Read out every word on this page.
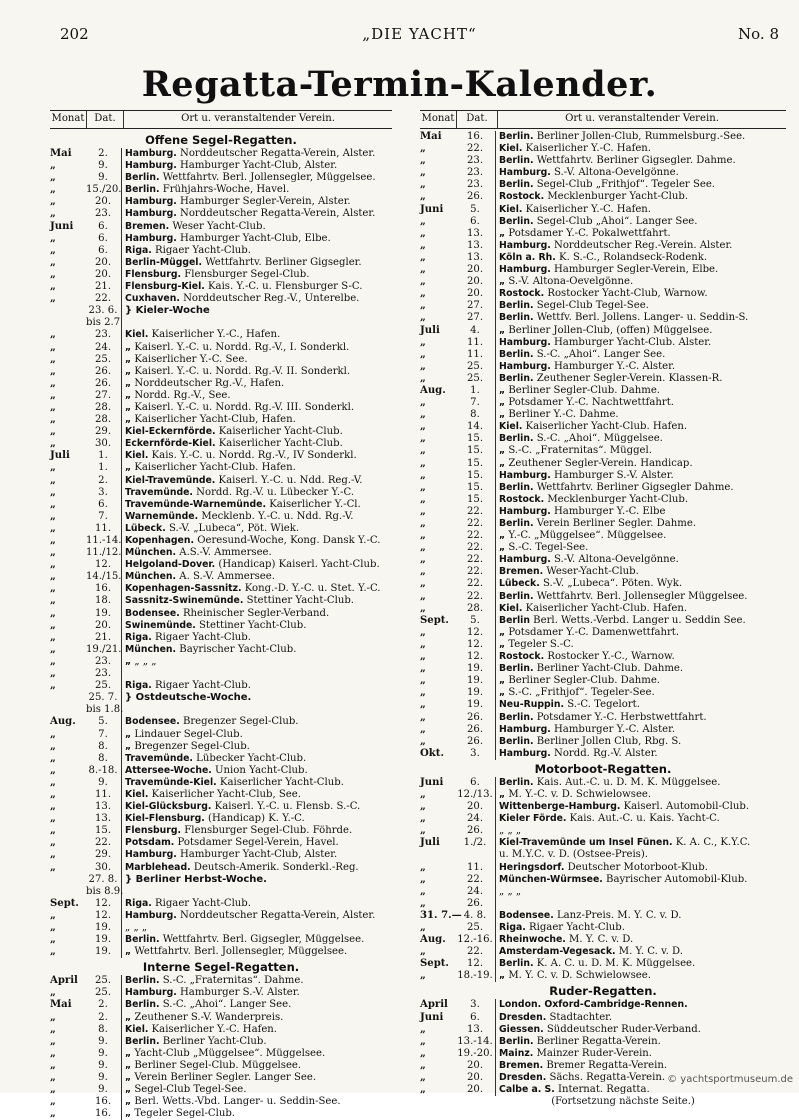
202	„DIE YACHT“	No. 8
Regatta-Termin-Kalender.
Monat Dat.	Ort u. veranstaltender Verein.
Offene Segel-Regatten.
Mai	2.	Hamburg. Norddeutscher Regatta-Verein, Alster.
„	9.	Hamburg. Hamburger Yacht-Club, Alster.
„	9.	Berlin. Wettfahrtv. Berl. Jollensegler, Müggelsee.
„	15./20. Berlin. Frühjahrs-Woche, Havel.
„	20.	Hamburg. Hamburger Segler-Verein, Alster.
„	23.	Hamburg. Norddeutscher Regatta-Verein, Alster.
Juni	6.	Bremen. Weser Yacht-Club.
„	6.	Hamburg. Hamburger Yacht-Club, Elbe.
„	6.	Riga. Rigaer Yacht-Club.
„	20.	Berlin-Müggel. Wettfahrtv. Berliner Gigsegler.
„	20.	Flensburg. Flensburger Segel-Club.
„	21.	Flensburg-Kiel. Kais. Y.-C. u. Flensburger S-C.
„	22.	Cuxhaven. Norddeutscher Reg.-V., Unterelbe.
23. 6. } Kieler-Woche
bis 2.7
„	23.	Kiel. Kaiserlicher Y.-C., Hafen.
„	24.	„ Kaiserl. Y.-C. u. Nordd. Rg.-V., I. Sonderkl.
„	25.	„ Kaiserlicher Y.-C. See.
„	26.	„ Kaiserl. Y.-C. u. Nordd. Rg.-V. II. Sonderkl.
„	26.	„ Norddeutscher Rg.-V., Hafen.
„	27.	„ Nordd. Rg.-V., See.
„	28.	„ Kaiserl. Y.-C. u. Nordd. Rg.-V. III. Sonderkl.
„	28.	„ Kaiserlicher Yacht-Club, Hafen.
„	29.	Kiel-Eckernförde. Kaiserlicher Yacht-Club.
„	30.	Eckernförde-Kiel. Kaiserlicher Yacht-Club.
Juli	1.	Kiel. Kais. Y.-C. u. Nordd. Rg.-V., IV Sonderkl.
„	1.	„ Kaiserlicher Yacht-Club. Hafen.
„	2.	Kiel-Travemünde. Kaiserl. Y.-C. u. Ndd. Reg.-V.
„	3.	Travemünde. Nordd. Rg.-V. u. Lübecker Y.-C.
„	6.	Travemünde-Warnemünde. Kaiserlicher Y.-Cl.
„	7.	Warnemünde. Mecklenb. Y.-C. u. Ndd. Rg.-V.
„	11.	Lübeck. S.-V. „Lubeca“, Pöt. Wiek.
„	11.-14. Kopenhagen. Oeresund-Woche, Kong. Dansk Y.-C.
„	11./12. München. A.S.-V. Ammersee.
„	12.	Helgoland-Dover. (Handicap) Kaiserl. Yacht-Club.
„	14./15. München. A. S.-V. Ammersee.
„	16.	Kopenhagen-Sassnitz. Kong.-D. Y.-C. u. Stet. Y.-C.
„	18.	Sassnitz-Swinemünde. Stettiner Yacht-Club.
„	19.	Bodensee. Rheinischer Segler-Verband.
„	20.	Swinemünde. Stettiner Yacht-Club.
„	21.	Riga. Rigaer Yacht-Club.
„	19./21. München. Bayrischer Yacht-Club.
„	23.	„ „ „ „
„	23.
„	25.	Riga. Rigaer Yacht-Club.
25. 7. } Ostdeutsche-Woche.
bis 1.8.
Aug.	5.	Bodensee. Bregenzer Segel-Club.
„	7.	„ Lindauer Segel-Club.
„	8.	„ Bregenzer Segel-Club.
„	8.	Travemünde. Lübecker Yacht-Club.
„	8.-18. Attersee-Woche. Union Yacht-Club.
„	9.	Travemünde-Kiel. Kaiserlicher Yacht-Club.
„	11.	Kiel. Kaiserlicher Yacht-Club, See.
„	13.	Kiel-Glücksburg. Kaiserl. Y.-C. u. Flensb. S.-C.
„	13.	Kiel-Flensburg. (Handicap) K. Y.-C.
„	15.	Flensburg. Flensburger Segel-Club. Föhrde.
„	22.	Potsdam. Potsdamer Segel-Verein, Havel.
„	29.	Hamburg. Hamburger Yacht-Club, Alster.
„	30.	Marblehead. Deutsch-Amerik. Sonderkl.-Reg.
27. 8. } Berliner Herbst-Woche.
bis 8.9.
Sept.	12.	Riga. Rigaer Yacht-Club.
„	12.	Hamburg. Norddeutscher Regatta-Verein, Alster.
„	19.	„ „ „
„	19.	Berlin. Wettfahrtv. Berl. Gigsegler, Müggelsee.
„	19.	„ Wettfahrtv. Berl. Jollensegler, Müggelsee.
Interne Segel-Regatten.
April	25.	Berlin. S.-C. „Fraternitas“. Dahme.
„	25.	Hamburg. Hamburger S.-V. Alster.
Mai	2.	Berlin. S.-C. „Ahoi“. Langer See.
„	2.	„ Zeuthener S.-V. Wanderpreis.
„	8.	Kiel. Kaiserlicher Y.-C. Hafen.
„	9.	Berlin. Berliner Yacht-Club.
„	9.	„ Yacht-Club „Müggelsee“. Müggelsee.
„	9.	„ Berliner Segel-Club. Müggelsee.
„	9.	„ Verein Berliner Segler. Langer See.
„	9.	„ Segel-Club Tegel-See.
„	16.	„ Berl. Wetts.-Vbd. Langer- u. Seddin-See.
„	16.	„ Tegeler Segel-Club.
Monat	Dat.	Ort u. veranstaltender Verein.
Mai	16.	Berlin. Berliner Jollen-Club, Rummelsburg.-See.
„	22.	Kiel. Kaiserlicher Y.-C. Hafen.
„	23.	Berlin. Wettfahrtv. Berliner Gigsegler. Dahme.
„	23.	Hamburg. S.-V. Altona-Oevelgönne.
„	23.	Berlin. Segel-Club „Frithjof“. Tegeler See.
„	26.	Rostock. Mecklenburger Yacht-Club.
Juni	5.	Kiel. Kaiserlicher Y.-C. Hafen.
„	6.	Berlin. Segel-Club „Ahoi“. Langer See.
„	13.	„ Potsdamer Y.-C. Pokalwettfahrt.
„	13.	Hamburg. Norddeutscher Reg.-Verein. Alster.
„	13.	Köln a. Rh. K. S.-C., Rolandseck-Rodenk.
„	20.	Hamburg. Hamburger Segler-Verein, Elbe.
„	20.	„ S.-V. Altona-Oevelgönne.
„	20.	Rostock. Rostocker Yacht-Club, Warnow.
„	27.	Berlin. Segel-Club Tegel-See.
„	27.	Berlin. Wettfv. Berl. Jollens. Langer- u. Seddin-S.
Juli	4.	„ Berliner Jollen-Club, (offen) Müggelsee.
„	11.	Hamburg. Hamburger Yacht-Club. Alster.
„	11.	Berlin. S.-C. „Ahoi“. Langer See.
„	25.	Hamburg. Hamburger Y.-C. Alster.
„	25.	Berlin. Zeuthener Segler-Verein. Klassen-R.
Aug.	1.	„ Berliner Segler-Club. Dahme.
„	7.	„ Potsdamer Y.-C. Nachtwettfahrt.
„	8.	„ Berliner Y.-C. Dahme.
„	14.	Kiel. Kaiserlicher Yacht-Club. Hafen.
„	15.	Berlin. S.-C. „Ahoi“. Müggelsee.
„	15.	„ S.-C. „Fraternitas“. Müggel.
„	15.	„ Zeuthener Segler-Verein. Handicap.
„	15.	Hamburg. Hamburger S.-V. Alster.
„	15.	Berlin. Wettfahrtv. Berliner Gigsegler Dahme.
„	15.	Rostock. Mecklenburger Yacht-Club.
„	22.	Hamburg. Hamburger Y.-C. Elbe
„	22.	Berlin. Verein Berliner Segler. Dahme.
„	22.	„ Y.-C. „Müggelsee“. Müggelsee.
„	22.	„ S.-C. Tegel-See.
„	22.	Hamburg. S.-V. Altona-Oevelgönne.
„	22.	Bremen. Weser-Yacht-Club.
„	22.	Lübeck. S.-V. „Lubeca“. Pöten. Wyk.
„	22.	Berlin. Wettfahrtv. Berl. Jollensegler Müggelsee.
„	28.	Kiel. Kaiserlicher Yacht-Club. Hafen.
Sept.	5.	Berlin Berl. Wetts.-Verbd. Langer u. Seddin See.
„	12.	„ Potsdamer Y.-C. Damenwettfahrt.
„	12.	„ Tegeler S.-C.
„	12.	Rostock. Rostocker Y.-C., Warnow.
„	19.	Berlin. Berliner Yacht-Club. Dahme.
„	19.	„ Berliner Segler-Club. Dahme.
„	19.	„ S.-C. „Frithjof“. Tegeler-See.
„	19.	Neu-Ruppin. S.-C. Tegelort.
„	26.	Berlin. Potsdamer Y.-C. Herbstwettfahrt.
„	26.	Hamburg. Hamburger Y.-C. Alster.
„	26.	Berlin. Berliner Jollen Club, Rbg. S.
Okt.	3.	Hamburg. Nordd. Rg.-V. Alster.
Motorboot-Regatten.
Juni	6.	Berlin. Kais. Aut.-C. u. D. M. K. Müggelsee.
„	12./13. „ M. Y.-C. v. D. Schwielowsee.
„	20.	Wittenberge-Hamburg. Kaiserl. Automobil-Club.
„	24.	Kieler Förde. Kais. Aut.-C. u. Kais. Yacht-C.
„	26.	„ „ „
Juli	1./2.	Kiel-Travemünde um Insel Fünen. K. A. C., K.Y.C.
u. M.Y.C. v. D. (Ostsee-Preis).
„	11.	Heringsdorf. Deutscher Motorboot-Klub.
„	22.	München-Würmsee. Bayrischer Automobil-Klub.
„	24.	„ „ „
„	26.
31. 7.— 4. 8.	Bodensee. Lanz-Preis. M. Y. C. v. D.
„	25.	Riga. Rigaer Yacht-Club.
Aug.	12.-16. Rheinwoche. M. Y. C. v. D.
„	22.	Amsterdam-Vegesack. M. Y. C. v. D.
Sept.	12.	Berlin. K. A. C. u. D. M. K. Müggelsee.
„	18.-19. „ M. Y. C. v. D. Schwielowsee.
Ruder-Regatten.
April	3.	London. Oxford-Cambridge-Rennen.
Juni	6.	Dresden. Stadtachter.
„	13.	Giessen. Süddeutscher Ruder-Verband.
„	13.-14. Berlin. Berliner Regatta-Verein.
„	19.-20. Mainz. Mainzer Ruder-Verein.
„	20.	Bremen. Bremer Regatta-Verein.
„	20.	Dresden. Sächs. Regatta-Verein.
„	20.	Calbe a. S. Internat. Regatta.
(Fortsetzung nächste Seite.)
© yachtsportmuseum.de
